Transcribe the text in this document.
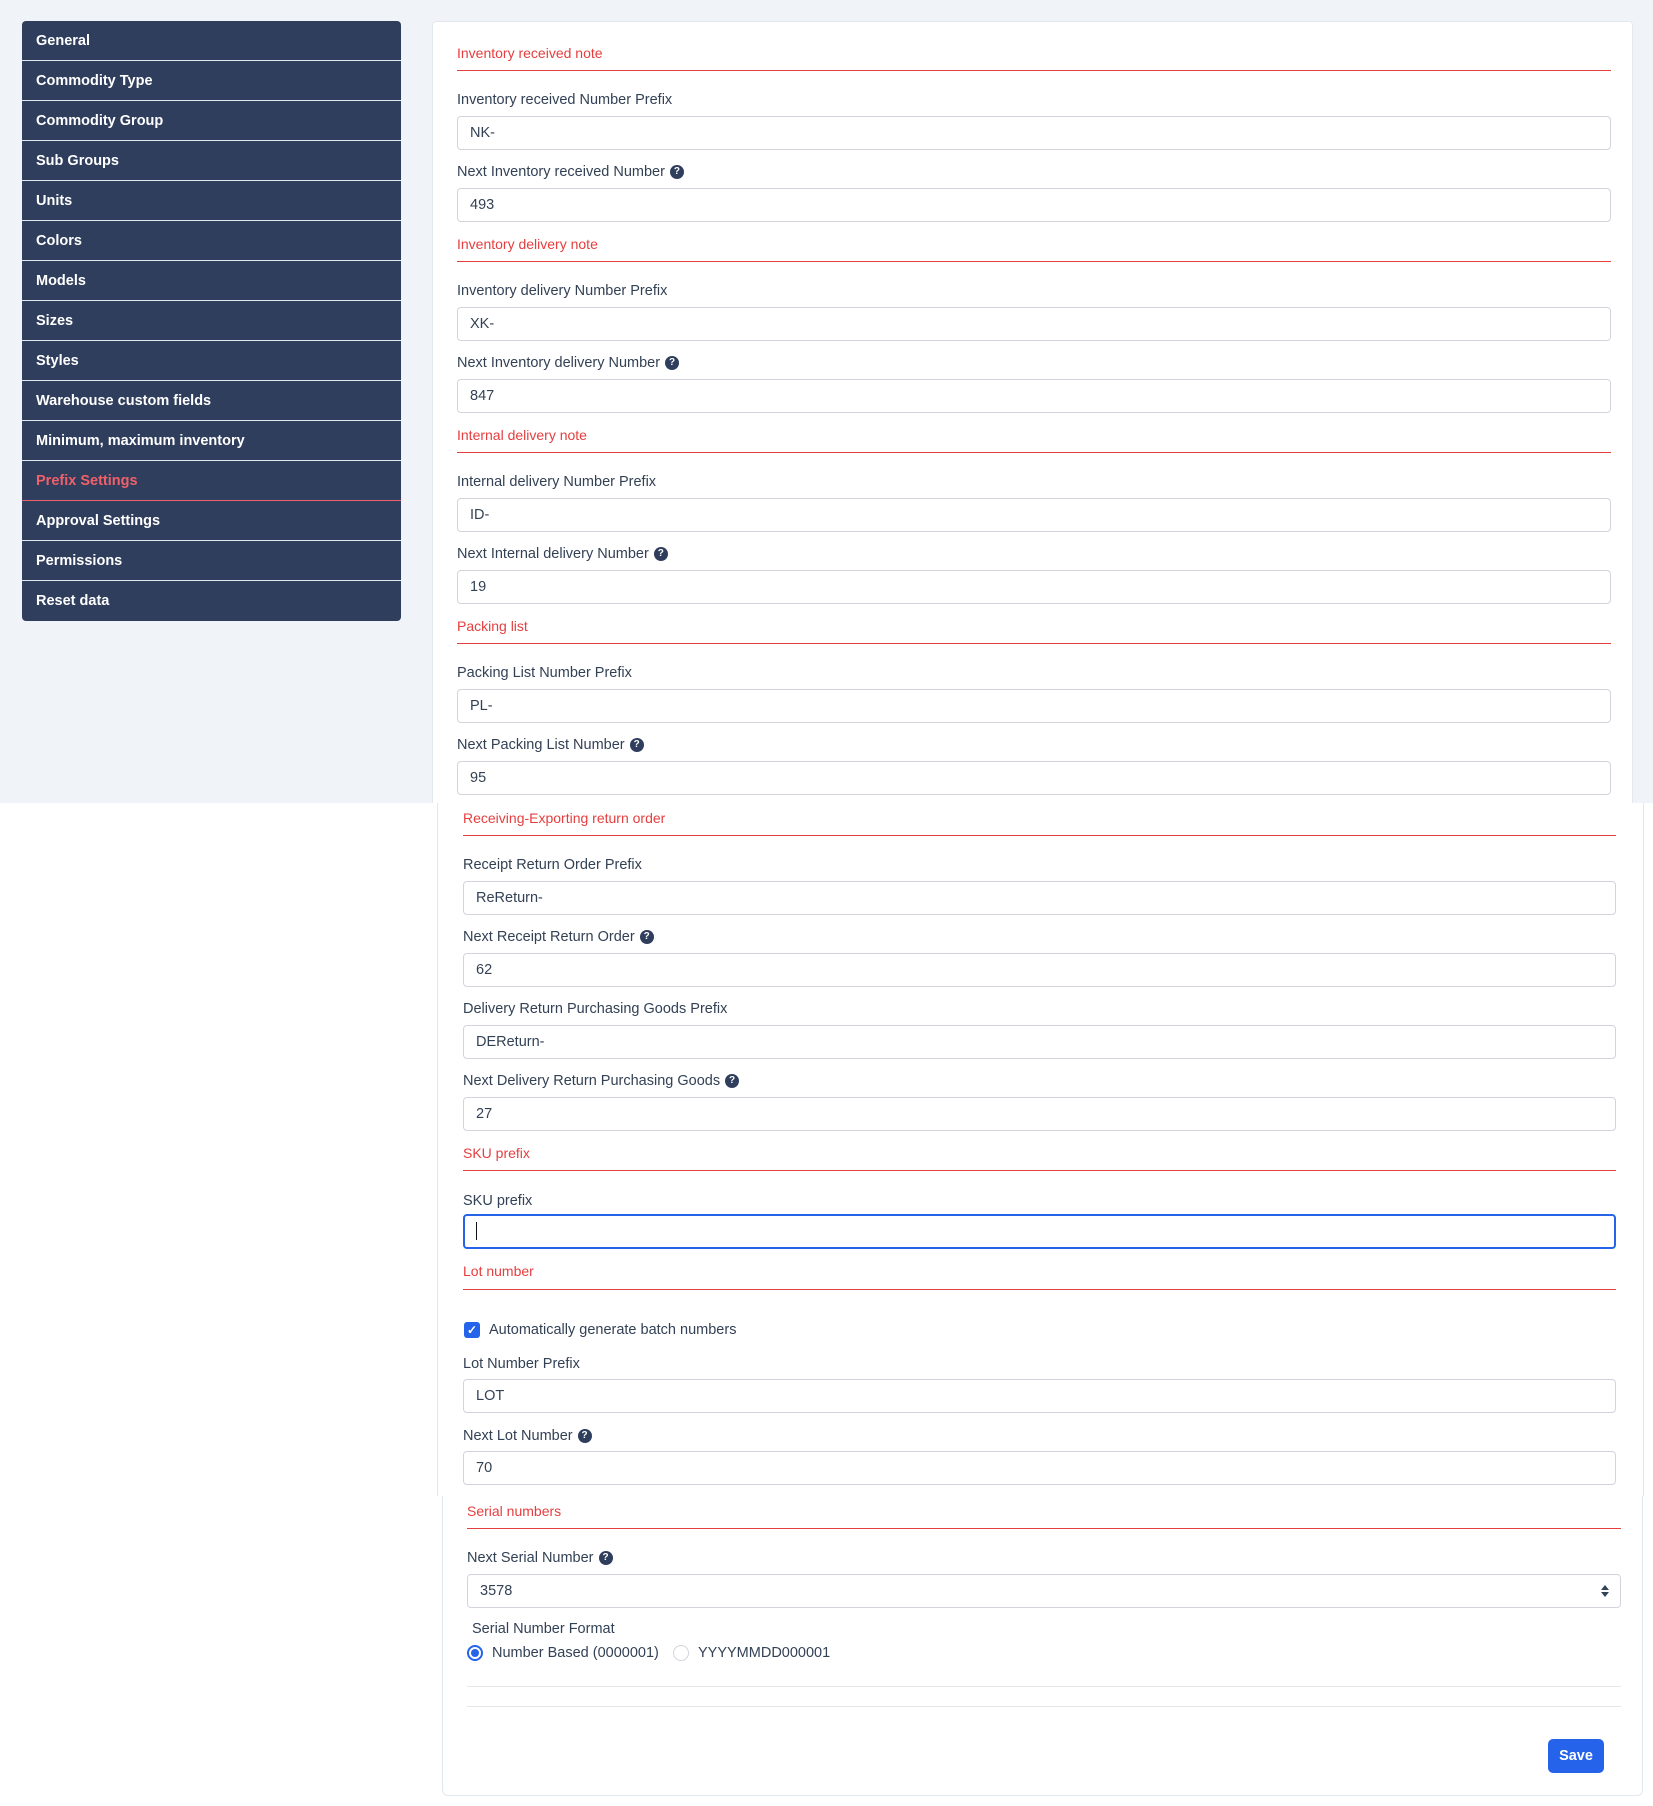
General
Commodity Type
Commodity Group
Sub Groups
Units
Colors
Models
Sizes
Styles
Warehouse custom fields
Minimum, maximum inventory
Prefix Settings
Approval Settings
Permissions
Reset data
Inventory received note
Inventory received Number Prefix
NK-
Next Inventory received Number ?
493
Inventory delivery note
Inventory delivery Number Prefix
XK-
Next Inventory delivery Number ?
847
Internal delivery note
Internal delivery Number Prefix
ID-
Next Internal delivery Number ?
19
Packing list
Packing List Number Prefix
PL-
Next Packing List Number ?
95
Receiving-Exporting return order
Receipt Return Order Prefix
ReReturn-
Next Receipt Return Order ?
62
Delivery Return Purchasing Goods Prefix
DEReturn-
Next Delivery Return Purchasing Goods ?
27
SKU prefix
SKU prefix
Lot number
✓ Automatically generate batch numbers
Lot Number Prefix
LOT
Next Lot Number ?
70
Serial numbers
Next Serial Number ?
3578
Serial Number Format
Number Based (0000001)	YYYYMMDD000001
Save
